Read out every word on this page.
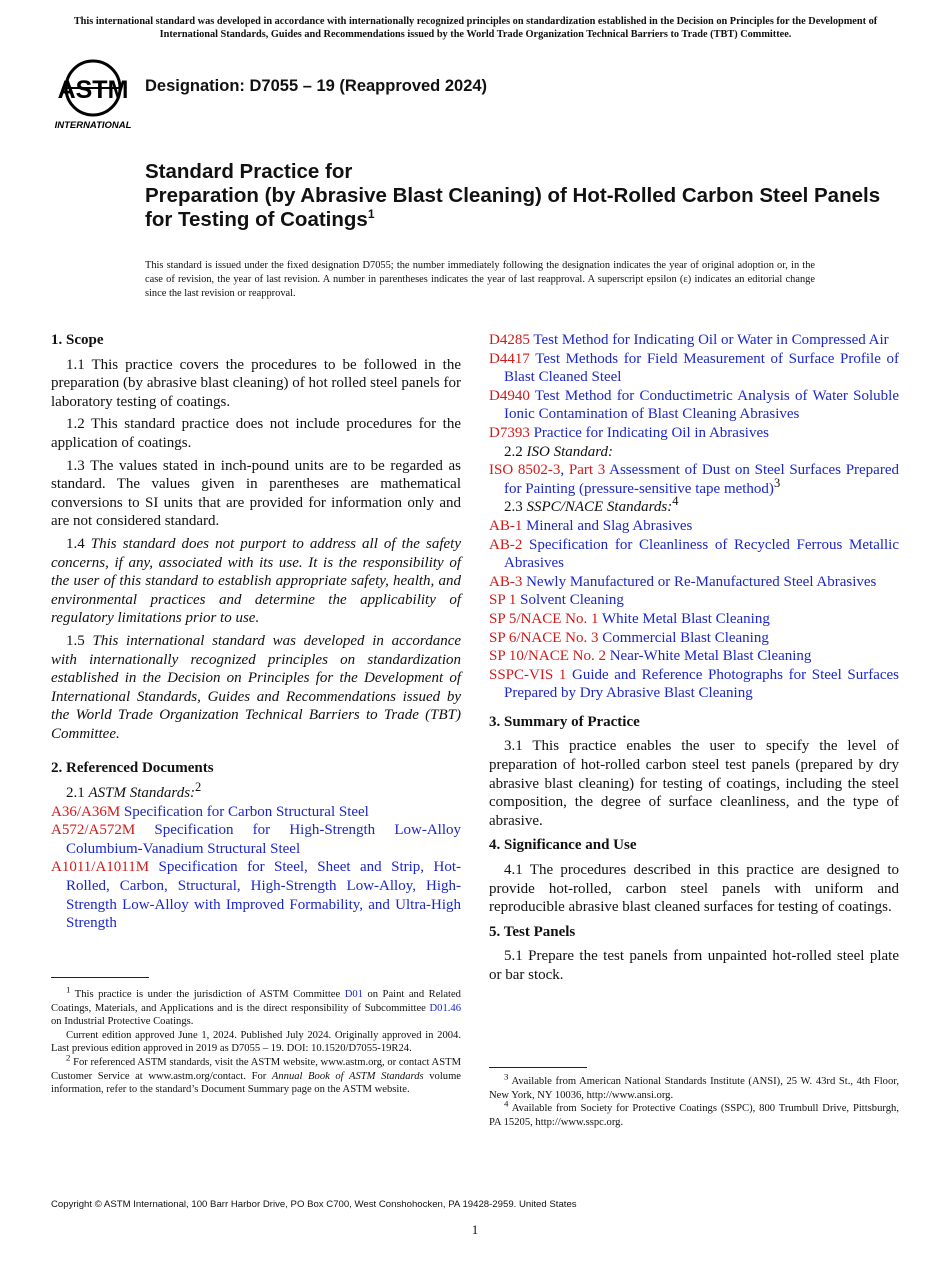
This international standard was developed in accordance with internationally recognized principles on standardization established in the Decision on Principles for the Development of International Standards, Guides and Recommendations issued by the World Trade Organization Technical Barriers to Trade (TBT) Committee.
ASTM
INTERNATIONAL
Designation: D7055 – 19 (Reapproved 2024)
Standard Practice for
Preparation (by Abrasive Blast Cleaning) of Hot-Rolled Carbon Steel Panels for Testing of Coatings$^1$
This standard is issued under the fixed designation D7055; the number immediately following the designation indicates the year of original adoption or, in the case of revision, the year of last revision. A number in parentheses indicates the year of last reapproval. A superscript epsilon (ε) indicates an editorial change since the last revision or reapproval.
1. Scope

1.1 This practice covers the procedures to be followed in the preparation (by abrasive blast cleaning) of hot rolled steel panels for laboratory testing of coatings.

1.2 This standard practice does not include procedures for the application of coatings.

1.3 The values stated in inch-pound units are to be regarded as standard. The values given in parentheses are mathematical conversions to SI units that are provided for information only and are not considered standard.

1.4 This standard does not purport to address all of the safety concerns, if any, associated with its use. It is the responsibility of the user of this standard to establish appropriate safety, health, and environmental practices and determine the applicability of regulatory limitations prior to use.

1.5 This international standard was developed in accordance with internationally recognized principles on standardization established in the Decision on Principles for the Development of International Standards, Guides and Recommendations issued by the World Trade Organization Technical Barriers to Trade (TBT) Committee.

2. Referenced Documents
2.1 ASTM Standards:$^2$

A36/A36M Specification for Carbon Structural Steel

A572/A572M Specification for High-Strength Low-Alloy Columbium-Vanadium Structural Steel

A1011/A1011M Specification for Steel, Sheet and Strip, Hot-Rolled, Carbon, Structural, High-Strength Low-Alloy, High-Strength Low-Alloy with Improved Formability, and Ultra-High Strength

D4285 Test Method for Indicating Oil or Water in Compressed Air

D4417 Test Methods for Field Measurement of Surface Profile of Blast Cleaned Steel

D4940 Test Method for Conductimetric Analysis of Water Soluble Ionic Contamination of Blast Cleaning Abrasives

D7393 Practice for Indicating Oil in Abrasives

2.2 ISO Standard:

ISO 8502-3, Part 3 Assessment of Dust on Steel Surfaces Prepared for Painting (pressure-sensitive tape method)$^3$

2.3 SSPC/NACE Standards:$^4$

AB-1 Mineral and Slag Abrasives

AB-2 Specification for Cleanliness of Recycled Ferrous Metallic Abrasives

AB-3 Newly Manufactured or Re-Manufactured Steel Abrasives

SP 1 Solvent Cleaning

SP 5/NACE No. 1 White Metal Blast Cleaning

SP 6/NACE No. 3 Commercial Blast Cleaning

SP 10/NACE No. 2 Near-White Metal Blast Cleaning

SSPC-VIS 1 Guide and Reference Photographs for Steel Surfaces Prepared by Dry Abrasive Blast Cleaning

3. Summary of Practice

3.1 This practice enables the user to specify the level of preparation of hot-rolled carbon steel test panels (prepared by dry abrasive blast cleaning) for testing of coatings, including the steel composition, the degree of surface cleanliness, and the type of abrasive.

4. Significance and Use

4.1 The procedures described in this practice are designed to provide hot-rolled, carbon steel panels with uniform and reproducible abrasive blast cleaned surfaces for testing of coatings.

5. Test Panels

5.1 Prepare the test panels from unpainted hot-rolled steel plate or bar stock.

$^1$ This practice is under the jurisdiction of ASTM Committee D01 on Paint and Related Coatings, Materials, and Applications and is the direct responsibility of Subcommittee D01.46 on Industrial Protective Coatings.

Current edition approved June 1, 2024. Published July 2024. Originally approved in 2004. Last previous edition approved in 2019 as D7055 – 19. DOI: 10.1520/D7055-19R24.

$^2$ For referenced ASTM standards, visit the ASTM website, www.astm.org, or contact ASTM Customer Service at www.astm.org/contact. For Annual Book of ASTM Standards volume information, refer to the standard’s Document Summary page on the ASTM website.

$^3$ Available from American National Standards Institute (ANSI), 25 W. 43rd St., 4th Floor, New York, NY 10036, http://www.ansi.org.

$^4$ Available from Society for Protective Coatings (SSPC), 800 Trumbull Drive, Pittsburgh, PA 15205, http://www.sspc.org.

Copyright © ASTM International, 100 Barr Harbor Drive, PO Box C700, West Conshohocken, PA 19428-2959. United States
1
